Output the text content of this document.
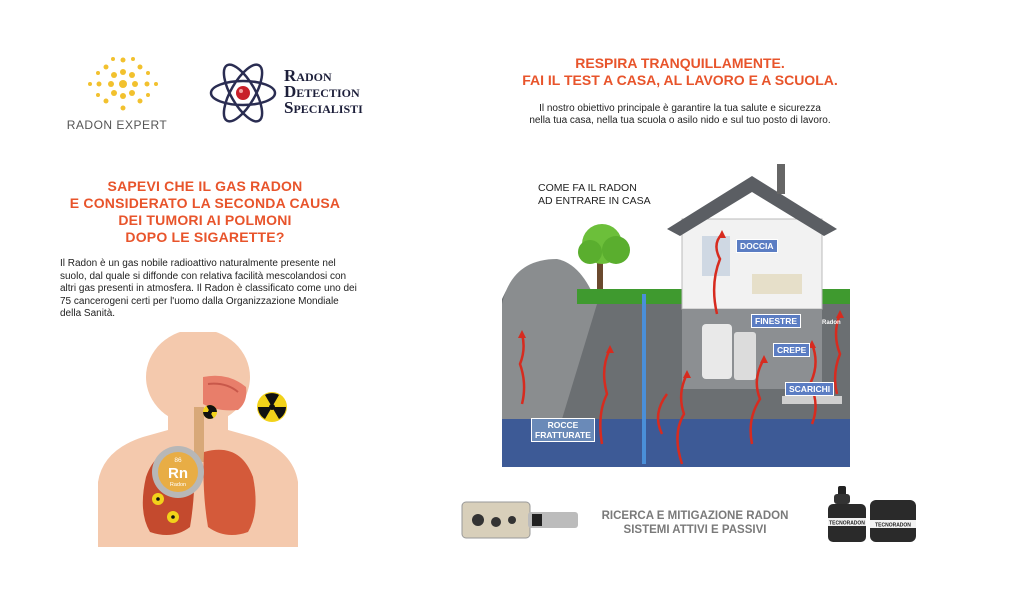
RADON EXPERT
Radon
Detection
Specialisti
SAPEVI CHE IL GAS RADON
E CONSIDERATO LA SECONDA CAUSA
DEI TUMORI AI POLMONI
DOPO LE SIGARETTE?
Il Radon è un gas nobile radioattivo naturalmente presente nel suolo, dal quale si diffonde con relativa facilità mescolandosi con altri gas presenti in atmosfera. Il Radon è classificato come uno dei 75 cancerogeni certi per l'uomo dalla Organizzazione Mondiale della Sanità.
86
Rn
Radon
RESPIRA TRANQUILLAMENTE.
FAI IL TEST A CASA, AL LAVORO E A SCUOLA.
Il nostro obiettivo principale è garantire la tua salute e sicurezza
nella tua casa, nella tua scuola o asilo nido e sul tuo posto di lavoro.
COME FA IL RADON
AD ENTRARE IN CASA
DOCCIA
FINESTRE	Radon
CREPE
SCARICHI
ROCCE
FRATTURATE
RICERCA E MITIGAZIONE RADON
SISTEMI ATTIVI E PASSIVI
TECNORADON TECNORADON
